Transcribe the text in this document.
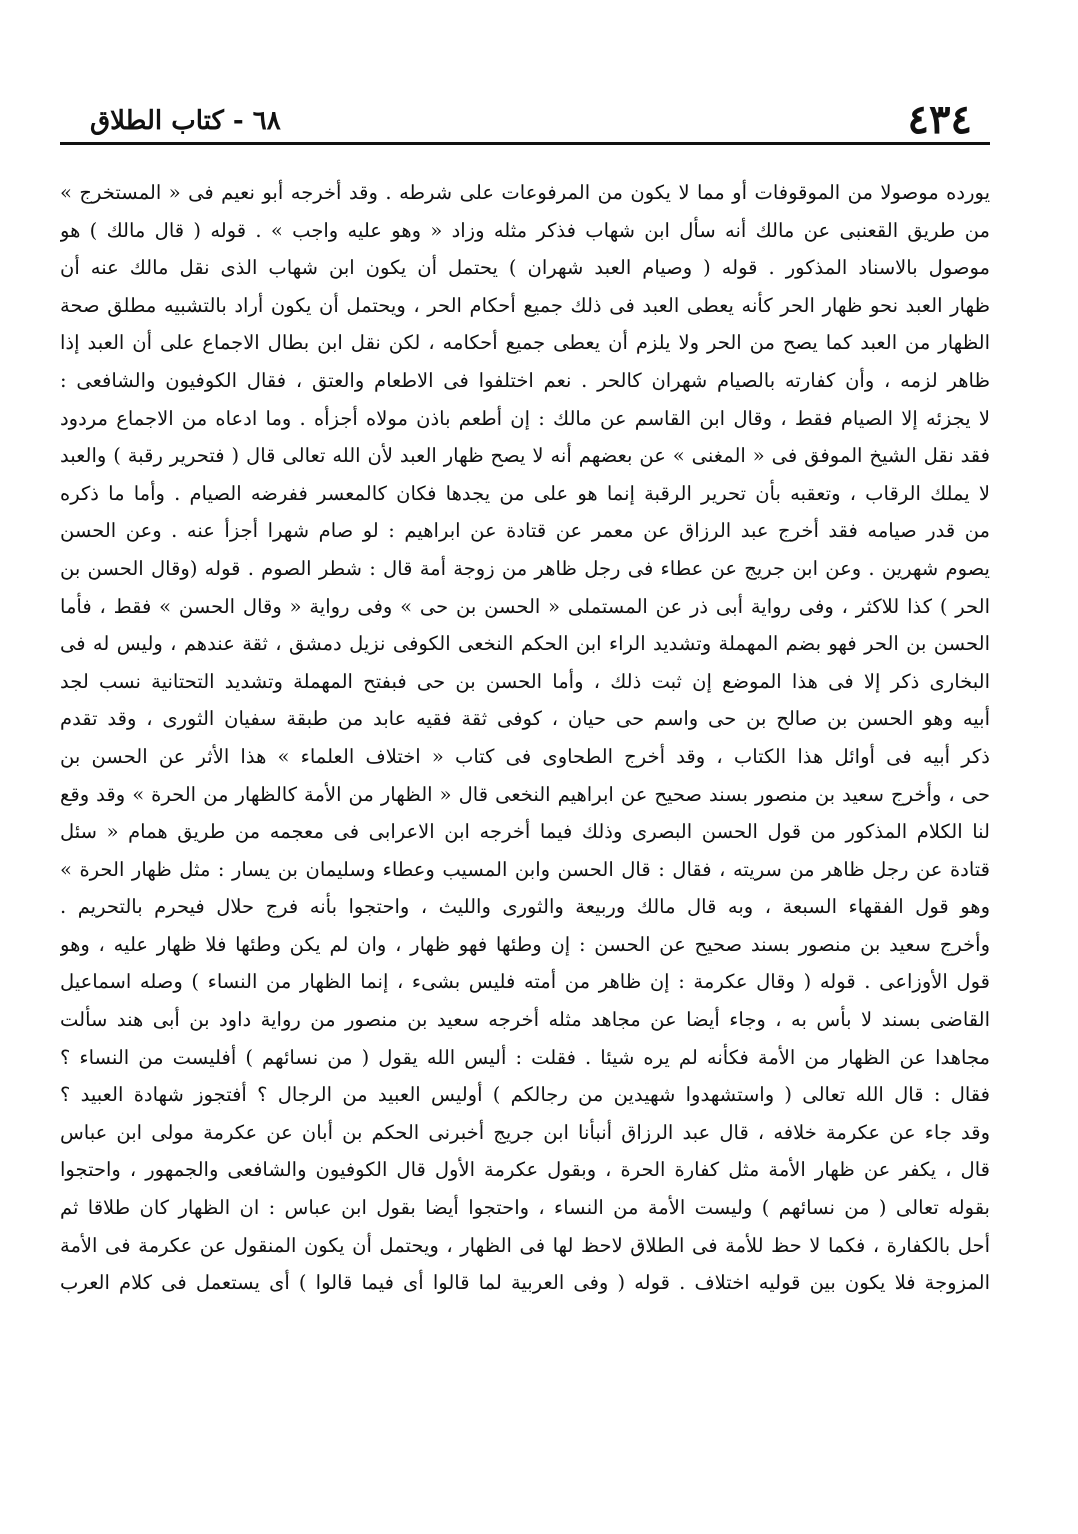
٤٣٤
٦٨ - كتاب الطلاق
يورده موصولا من الموقوفات أو مما لا يكون من المرفوعات على شرطه . وقد أخرجه أبو نعيم فى « المستخرج »
من طريق القعنبى عن مالك أنه سأل ابن شهاب فذكر مثله وزاد « وهو عليه واجب » . قوله ( قال مالك ) هو
موصول بالاسناد المذكور . قوله ( وصيام العبد شهران ) يحتمل أن يكون ابن شهاب الذى نقل مالك عنه أن
ظهار العبد نحو ظهار الحر كأنه يعطى العبد فى ذلك جميع أحكام الحر ، ويحتمل أن يكون أراد بالتشبيه مطلق صحة
الظهار من العبد كما يصح من الحر ولا يلزم أن يعطى جميع أحكامه ، لكن نقل ابن بطال الاجماع على أن العبد إذا
ظاهر لزمه ، وأن كفارته بالصيام شهران كالحر . نعم اختلفوا فى الاطعام والعتق ، فقال الكوفيون والشافعى :
لا يجزئه إلا الصيام فقط ، وقال ابن القاسم عن مالك : إن أطعم باذن مولاه أجزأه . وما ادعاه من الاجماع مردود
فقد نقل الشيخ الموفق فى « المغنى » عن بعضهم أنه لا يصح ظهار العبد لأن الله تعالى قال ( فتحرير رقبة ) والعبد
لا يملك الرقاب ، وتعقبه بأن تحرير الرقبة إنما هو على من يجدها فكان كالمعسر ففرضه الصيام . وأما ما ذكره
من قدر صيامه فقد أخرج عبد الرزاق عن معمر عن قتادة عن ابراهيم : لو صام شهرا أجزأ عنه . وعن الحسن
يصوم شهرين . وعن ابن جريج عن عطاء فى رجل ظاهر من زوجة أمة قال : شطر الصوم . قوله (وقال الحسن بن
الحر ) كذا للاكثر ، وفى رواية أبى ذر عن المستملى « الحسن بن حى » وفى رواية « وقال الحسن » فقط ، فأما
الحسن بن الحر فهو بضم المهملة وتشديد الراء ابن الحكم النخعى الكوفى نزيل دمشق ، ثقة عندهم ، وليس له فى
البخارى ذكر إلا فى هذا الموضع إن ثبت ذلك ، وأما الحسن بن حى فبفتح المهملة وتشديد التحتانية نسب لجد
أبيه وهو الحسن بن صالح بن حى واسم حى حيان ، كوفى ثقة فقيه عابد من طبقة سفيان الثورى ، وقد تقدم
ذكر أبيه فى أوائل هذا الكتاب ، وقد أخرج الطحاوى فى كتاب « اختلاف العلماء » هذا الأثر عن الحسن بن
حى ، وأخرج سعيد بن منصور بسند صحيح عن ابراهيم النخعى قال « الظهار من الأمة كالظهار من الحرة » وقد وقع
لنا الكلام المذكور من قول الحسن البصرى وذلك فيما أخرجه ابن الاعرابى فى معجمه من طريق همام « سئل
قتادة عن رجل ظاهر من سريته ، فقال : قال الحسن وابن المسيب وعطاء وسليمان بن يسار : مثل ظهار الحرة »
وهو قول الفقهاء السبعة ، وبه قال مالك وربيعة والثورى والليث ، واحتجوا بأنه فرج حلال فيحرم بالتحريم .
وأخرج سعيد بن منصور بسند صحيح عن الحسن : إن وطئها فهو ظهار ، وان لم يكن وطئها فلا ظهار عليه ، وهو
قول الأوزاعى . قوله ( وقال عكرمة : إن ظاهر من أمته فليس بشىء ، إنما الظهار من النساء ) وصله اسماعيل
القاضى بسند لا بأس به ، وجاء أيضا عن مجاهد مثله أخرجه سعيد بن منصور من رواية داود بن أبى هند سألت
مجاهدا عن الظهار من الأمة فكأنه لم يره شيئا . فقلت : أليس الله يقول ( من نسائهم ) أفليست من النساء ؟
فقال : قال الله تعالى ( واستشهدوا شهيدين من رجالكم ) أوليس العبيد من الرجال ؟ أفتجوز شهادة العبيد ؟
وقد جاء عن عكرمة خلافه ، قال عبد الرزاق أنبأنا ابن جريج أخبرنى الحكم بن أبان عن عكرمة مولى ابن عباس
قال ، يكفر عن ظهار الأمة مثل كفارة الحرة ، وبقول عكرمة الأول قال الكوفيون والشافعى والجمهور ، واحتجوا
بقوله تعالى ( من نسائهم ) وليست الأمة من النساء ، واحتجوا أيضا بقول ابن عباس : ان الظهار كان طلاقا ثم
أحل بالكفارة ، فكما لا حظ للأمة فى الطلاق لاحظ لها فى الظهار ، ويحتمل أن يكون المنقول عن عكرمة فى الأمة
المزوجة فلا يكون بين قوليه اختلاف . قوله ( وفى العربية لما قالوا أى فيما قالوا ) أى يستعمل فى كلام العرب
